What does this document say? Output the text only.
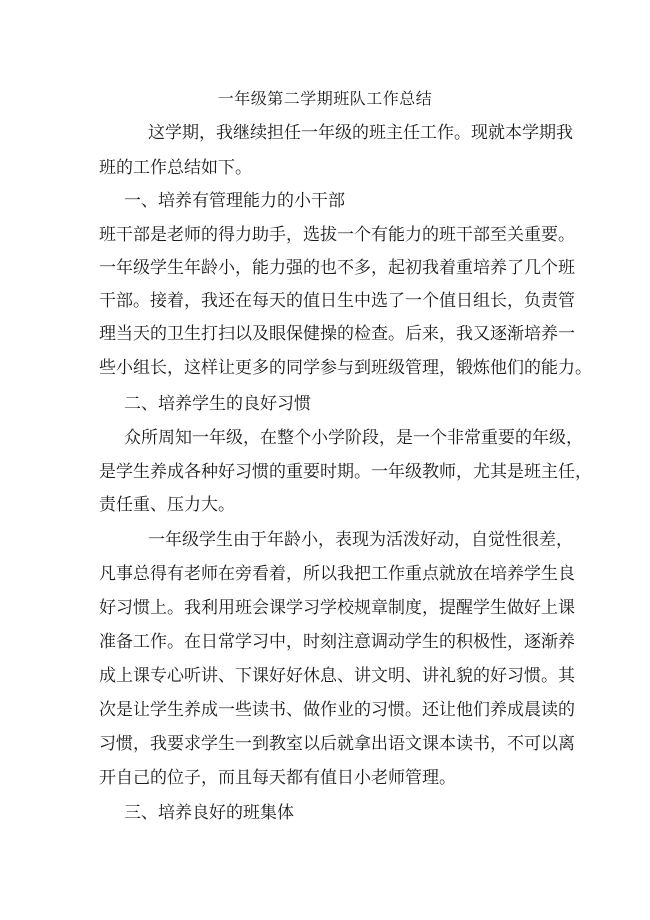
一年级第二学期班队工作总结
这学期，我继续担任一年级的班主任工作。现就本学期我
班的工作总结如下。
一、培养有管理能力的小干部
班干部是老师的得力助手，选拔一个有能力的班干部至关重要。
一年级学生年龄小，能力强的也不多，起初我着重培养了几个班
干部。接着，我还在每天的值日生中选了一个值日组长，负责管
理当天的卫生打扫以及眼保健操的检查。后来，我又逐渐培养一
些小组长，这样让更多的同学参与到班级管理，锻炼他们的能力。
二、培养学生的良好习惯
众所周知一年级，在整个小学阶段，是一个非常重要的年级，
是学生养成各种好习惯的重要时期。一年级教师，尤其是班主任，
责任重、压力大。
一年级学生由于年龄小，表现为活泼好动，自觉性很差，
凡事总得有老师在旁看着，所以我把工作重点就放在培养学生良
好习惯上。我利用班会课学习学校规章制度，提醒学生做好上课
准备工作。在日常学习中，时刻注意调动学生的积极性，逐渐养
成上课专心听讲、下课好好休息、讲文明、讲礼貌的好习惯。其
次是让学生养成一些读书、做作业的习惯。还让他们养成晨读的
习惯，我要求学生一到教室以后就拿出语文课本读书，不可以离
开自己的位子，而且每天都有值日小老师管理。
三、培养良好的班集体
